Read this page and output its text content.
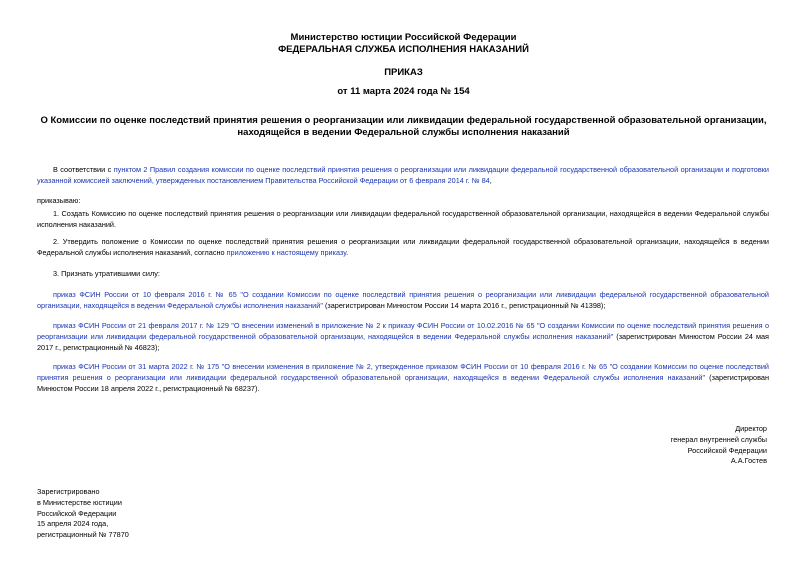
Министерство юстиции Российской Федерации
ФЕДЕРАЛЬНАЯ СЛУЖБА ИСПОЛНЕНИЯ НАКАЗАНИЙ
ПРИКАЗ
от 11 марта 2024 года № 154
О Комиссии по оценке последствий принятия решения о реорганизации или ликвидации федеральной государственной образовательной организации,
находящейся в ведении Федеральной службы исполнения наказаний
В соответствии с пунктом 2 Правил создания комиссии по оценке последствий принятия решения о реорганизации или ликвидации федеральной государственной образовательной организации и подготовки указанной комиссией заключений, утвержденных постановлением Правительства Российской Федерации от 6 февраля 2014 г. № 84,
приказываю:
1. Создать Комиссию по оценке последствий принятия решения о реорганизации или ликвидации федеральной государственной образовательной организации, находящейся в ведении Федеральной службы исполнения наказаний.
2. Утвердить положение о Комиссии по оценке последствий принятия решения о реорганизации или ликвидации федеральной государственной образовательной организации, находящейся в ведении Федеральной службы исполнения наказаний, согласно приложению к настоящему приказу.
3. Признать утратившими силу:
приказ ФСИН России от 10 февраля 2016 г. № 65 "О создании Комиссии по оценке последствий принятия решения о реорганизации или ликвидации федеральной государственной образовательной организации, находящейся в ведении Федеральной службы исполнения наказаний" (зарегистрирован Минюстом России 14 марта 2016 г., регистрационный № 41398);
приказ ФСИН России от 21 февраля 2017 г. № 129 "О внесении изменений в приложение № 2 к приказу ФСИН России от 10.02.2016 № 65 "О создании Комиссии по оценке последствий принятия решения о реорганизации или ликвидации федеральной государственной образовательной организации, находящейся в ведении Федеральной службы исполнения наказаний" (зарегистрирован Минюстом России 24 мая 2017 г., регистрационный № 46823);
приказ ФСИН России от 31 марта 2022 г. № 175 "О внесении изменения в приложение № 2, утвержденное приказом ФСИН России от 10 февраля 2016 г. № 65 "О создании Комиссии по оценке последствий принятия решения о реорганизации или ликвидации федеральной государственной образовательной организации, находящейся в ведении Федеральной службы исполнения наказаний" (зарегистрирован Минюстом России 18 апреля 2022 г., регистрационный № 68237).
Директор
генерал внутренней службы
Российской Федерации
А.А.Гостев
Зарегистрировано
в Министерстве юстиции
Российской Федерации
15 апреля 2024 года,
регистрационный № 77870
